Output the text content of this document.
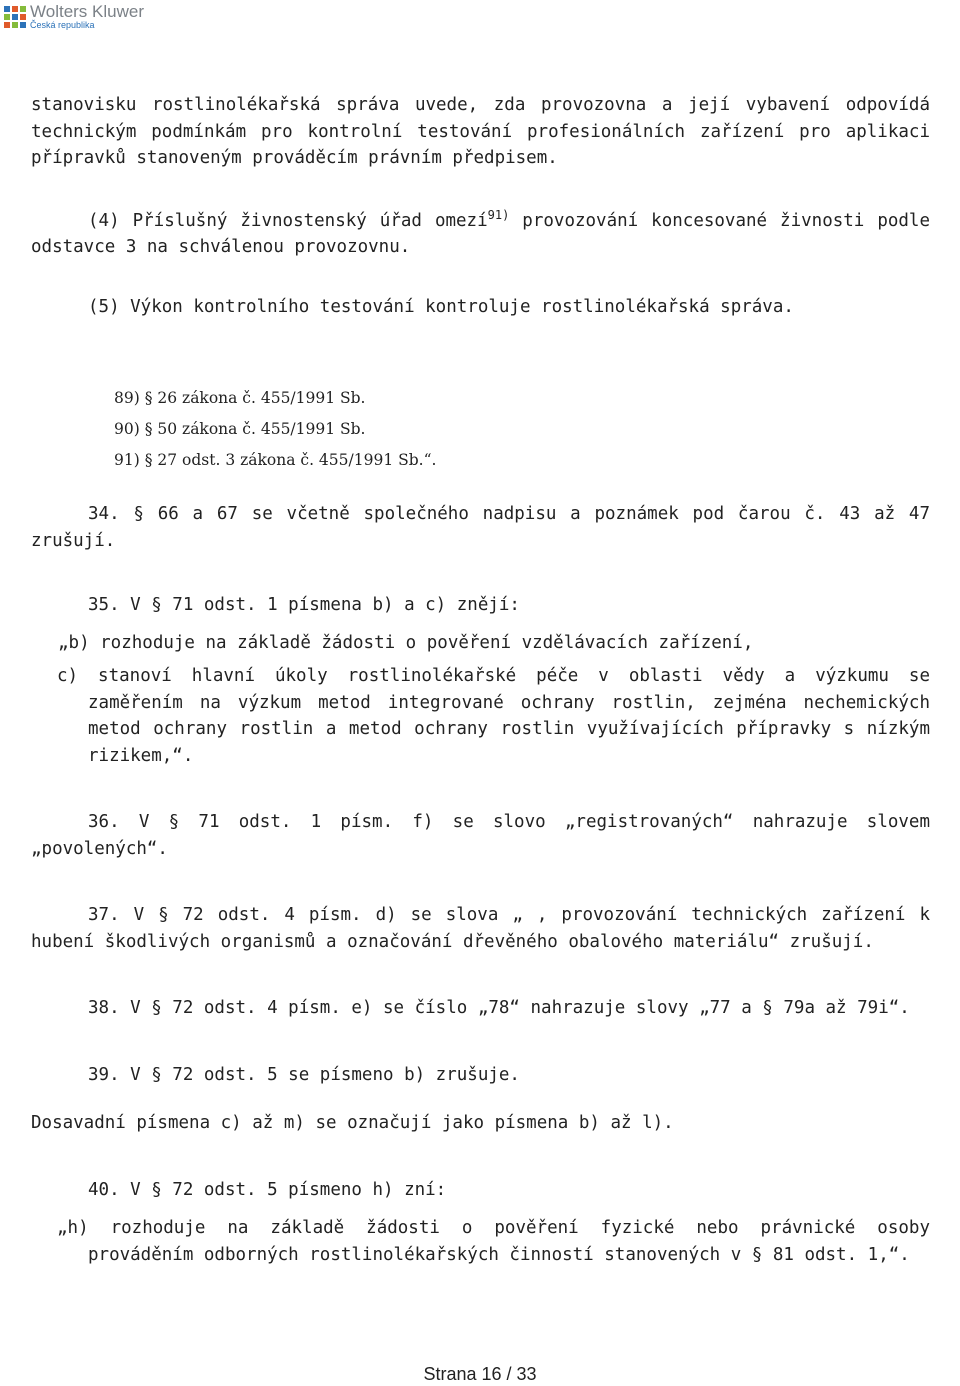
Wolters Kluwer
Česká republika

stanovisku rostlinolékařská správa uvede, zda provozovna a její vybavení odpovídá technickým podmínkám pro kontrolní testování profesionálních zařízení pro aplikaci přípravků stanoveným prováděcím právním předpisem.

(4) Příslušný živnostenský úřad omezí$^{91)}$ provozování koncesované živnosti podle odstavce 3 na schválenou provozovnu.

(5) Výkon kontrolního testování kontroluje rostlinolékařská správa.

89) § 26 zákona č. 455/1991 Sb.

90) § 50 zákona č. 455/1991 Sb.

91) § 27 odst. 3 zákona č. 455/1991 Sb.“.

34. § 66 a 67 se včetně společného nadpisu a poznámek pod čarou č. 43 až 47 zrušují.

35. V § 71 odst. 1 písmena b) a c) znějí:

„b) rozhoduje na základě žádosti o pověření vzdělávacích zařízení,

c) stanoví hlavní úkoly rostlinolékařské péče v oblasti vědy a výzkumu se zaměřením na výzkum metod integrované ochrany rostlin, zejména nechemických metod ochrany rostlin a metod ochrany rostlin využívajících přípravky s nízkým rizikem,“.

36. V § 71 odst. 1 písm. f) se slovo „registrovaných“ nahrazuje slovem „povolených“.

37. V § 72 odst. 4 písm. d) se slova „ , provozování technických zařízení k hubení škodlivých organismů a označování dřevěného obalového materiálu“ zrušují.

38. V § 72 odst. 4 písm. e) se číslo „78“ nahrazuje slovy „77 a § 79a až 79i“.

39. V § 72 odst. 5 se písmeno b) zrušuje.

Dosavadní písmena c) až m) se označují jako písmena b) až l).

40. V § 72 odst. 5 písmeno h) zní:

„h) rozhoduje na základě žádosti o pověření fyzické nebo právnické osoby prováděním odborných rostlinolékařských činností stanovených v § 81 odst. 1,“.

Strana 16 / 33
